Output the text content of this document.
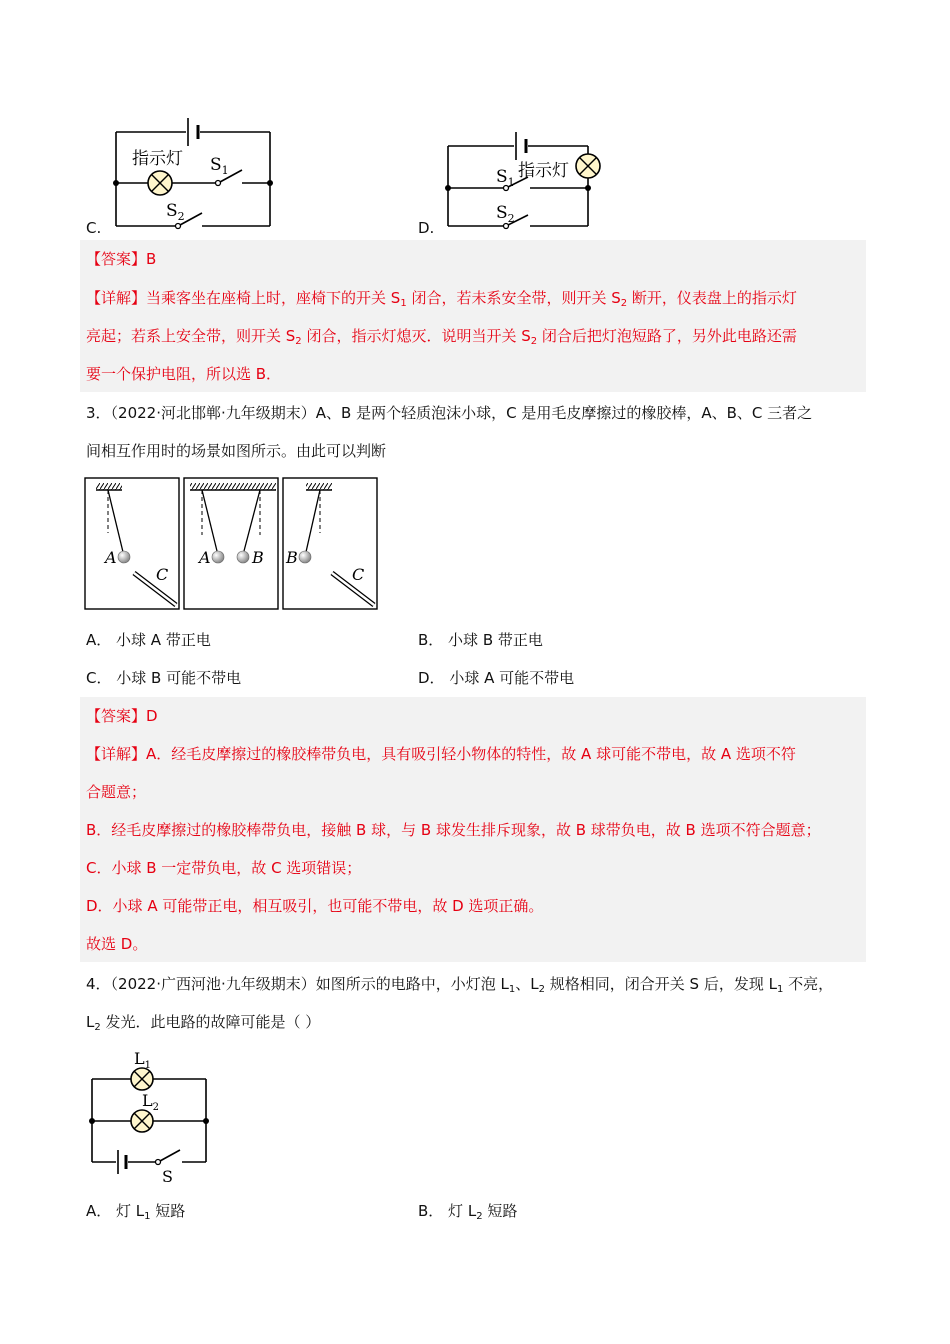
C.
指示灯 $S_1$
$S_2$
D.
指示灯
$S_1$
$S_2$
【答案】B
【详解】当乘客坐在座椅上时，座椅下的开关 $S_1$ 闭合，若未系安全带，则开关 $S_2$ 断开，仪表盘上的指示灯
亮起；若系上安全带，则开关 $S_2$ 闭合，指示灯熄灭．说明当开关 $S_2$ 闭合后把灯泡短路了，另外此电路还需
要一个保护电阻，所以选 B．
3．（2022·河北邯郸·九年级期末）A、B 是两个轻质泡沫小球，C 是用毛皮摩擦过的橡胶棒，A、B、C 三者之
间相互作用时的场景如图所示。由此可以判断
A
C
A	B B
C
A． 小球 A 带正电	B． 小球 B 带正电
C． 小球 B 可能不带电	D． 小球 A 可能不带电
【答案】D
【详解】A．经毛皮摩擦过的橡胶棒带负电，具有吸引轻小物体的特性，故 A 球可能不带电，故 A 选项不符
合题意；
B．经毛皮摩擦过的橡胶棒带负电，接触 B 球，与 B 球发生排斥现象，故 B 球带负电，故 B 选项不符合题意；
C．小球 B 一定带负电，故 C 选项错误；
D．小球 A 可能带正电，相互吸引，也可能不带电，故 D 选项正确。
故选 D。
4．（2022·广西河池·九年级期末）如图所示的电路中，小灯泡 $L_1$、$L_2$ 规格相同，闭合开关 S 后，发现 $L_1$ 不亮，
$L_2$ 发光．此电路的故障可能是（ ）
$L_1$
$L_2$
S
A． 灯 $L_1$ 短路	B． 灯 $L_2$ 短路
